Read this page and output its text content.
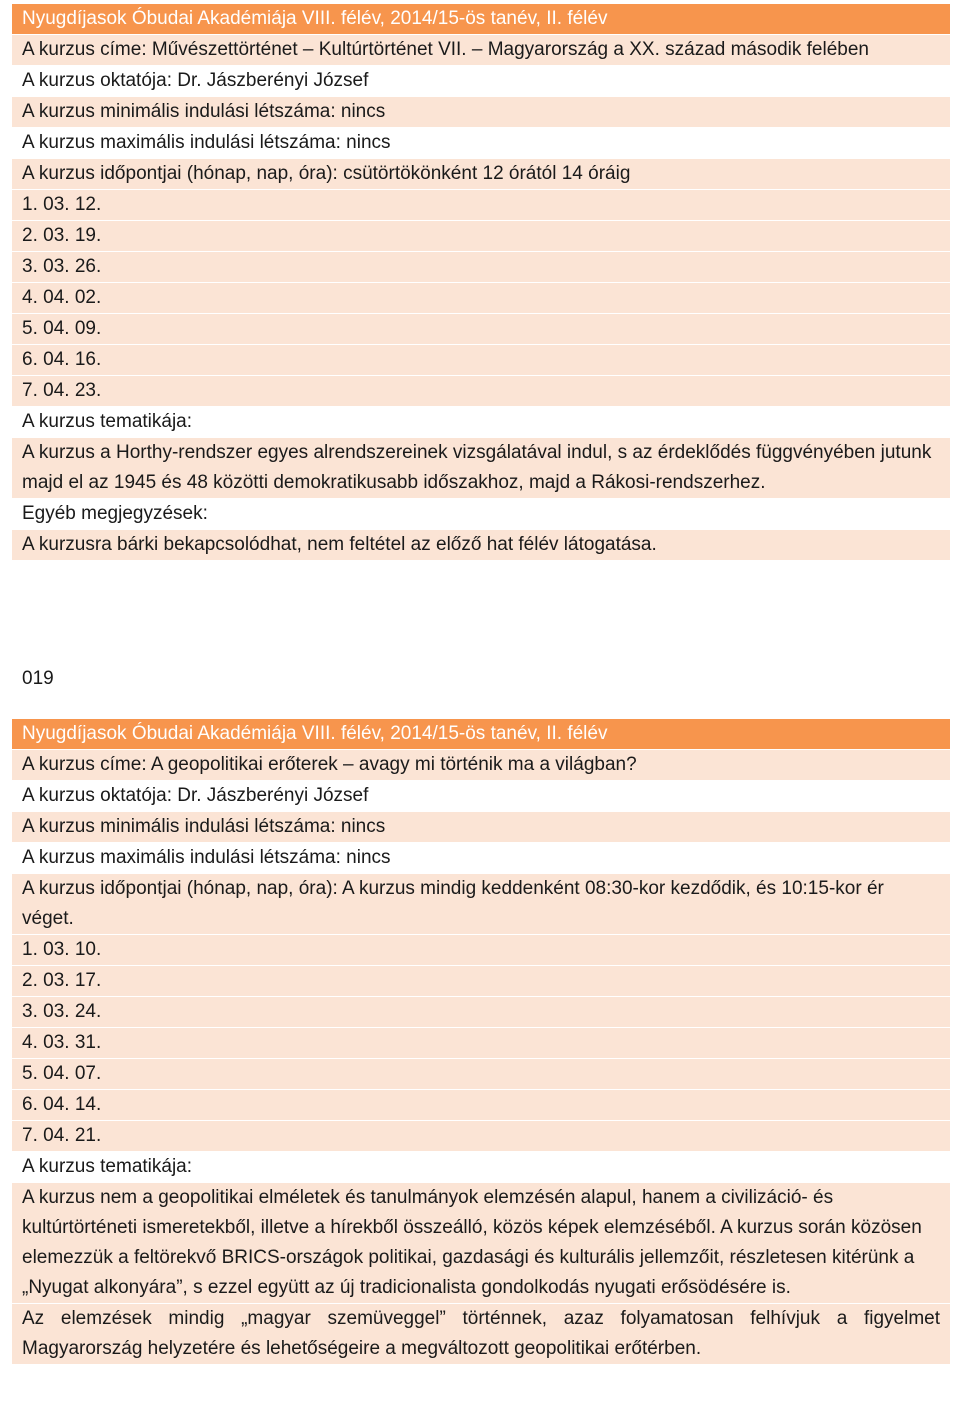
Nyugdíjasok Óbudai Akadémiája VIII. félév, 2014/15-ös tanév, II. félév
A kurzus címe: Művészettörténet – Kultúrtörténet VII. – Magyarország a XX. század második felében
A kurzus oktatója: Dr. Jászberényi József
A kurzus minimális indulási létszáma: nincs
A kurzus maximális indulási létszáma: nincs
A kurzus időpontjai (hónap, nap, óra): csütörtökönként 12 órától 14 óráig
1. 03. 12.
2. 03. 19.
3. 03. 26.
4. 04. 02.
5. 04. 09.
6. 04. 16.
7. 04. 23.
A kurzus tematikája:
A kurzus a Horthy-rendszer egyes alrendszereinek vizsgálatával indul, s az érdeklődés függvényében jutunk majd el az 1945 és 48 közötti demokratikusabb időszakhoz, majd a Rákosi-rendszerhez.
Egyéb megjegyzések:
A kurzusra bárki bekapcsolódhat, nem feltétel az előző hat félév látogatása.
019
Nyugdíjasok Óbudai Akadémiája VIII. félév, 2014/15-ös tanév, II. félév
A kurzus címe: A geopolitikai erőterek – avagy mi történik ma a világban?
A kurzus oktatója: Dr. Jászberényi József
A kurzus minimális indulási létszáma: nincs
A kurzus maximális indulási létszáma: nincs
A kurzus időpontjai (hónap, nap, óra): A kurzus mindig keddenként 08:30-kor kezdődik, és 10:15-kor ér véget.
1. 03. 10.
2. 03. 17.
3. 03. 24.
4. 03. 31.
5. 04. 07.
6. 04. 14.
7. 04. 21.
A kurzus tematikája:
A kurzus nem a geopolitikai elméletek és tanulmányok elemzésén alapul, hanem a civilizáció- és kultúrtörténeti ismeretekből, illetve a hírekből összeálló, közös képek elemzéséből. A kurzus során közösen elemezzük a feltörekvő BRICS-országok politikai, gazdasági és kulturális jellemzőit, részletesen kitérünk a „Nyugat alkonyára”, s ezzel együtt az új tradicionalista gondolkodás nyugati erősödésére is.
Az elemzések mindig „magyar szemüveggel” történnek, azaz folyamatosan felhívjuk a figyelmet Magyarország helyzetére és lehetőségeire a megváltozott geopolitikai erőtérben.
